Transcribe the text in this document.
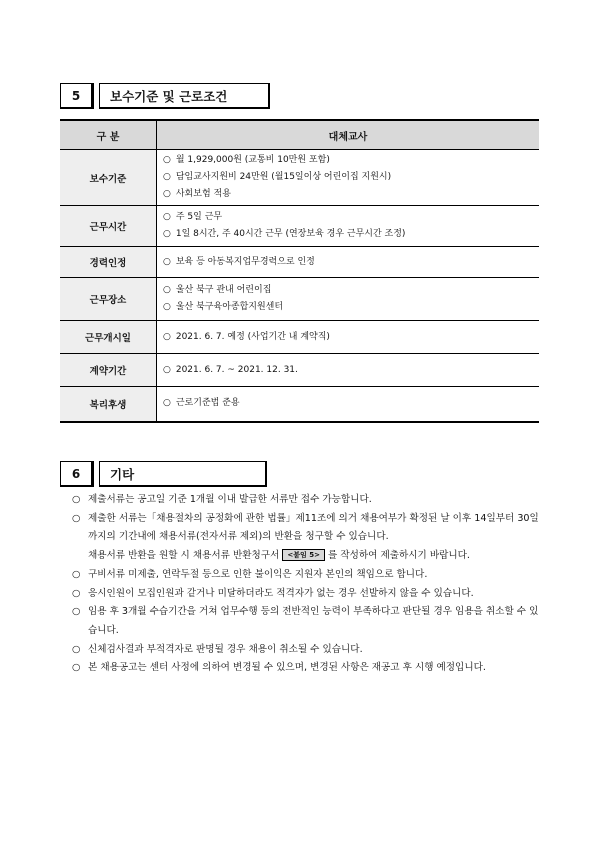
5	보수기준 및 근로조건
구 분	대체교사
보수기준	○ 월 1,929,000원 (교통비 10만원 포함)
○ 담임교사지원비 24만원 (월15일이상 어린이집 지원시)
○ 사회보험 적용

근무시간	○ 주 5일 근무
○ 1일 8시간, 주 40시간 근무 (연장보육 경우 근무시간 조정)

경력인정	○ 보육 등 아동복지업무경력으로 인정

근무장소	○ 울산 북구 관내 어린이집
○ 울산 북구육아종합지원센터

근무개시일	○ 2021. 6. 7. 예정 (사업기간 내 계약직)

계약기간	○ 2021. 6. 7. ~ 2021. 12. 31.

복리후생	○ 근로기준법 준용
6	기타
○ 제출서류는 공고일 기준 1개월 이내 발급한 서류만 접수 가능합니다.
○ 제출한 서류는「채용절차의 공정화에 관한 법률」제11조에 의거 채용여부가 확정된 날 이후 14일부터 30일까지의 기간내에 채용서류(전자서류 제외)의 반환을 청구할 수 있습니다.
채용서류 반환을 원할 시 채용서류 반환청구서 <붙임 5> 를 작성하여 제출하시기 바랍니다.
○ 구비서류 미제출, 연락두절 등으로 인한 불이익은 지원자 본인의 책임으로 합니다.
○ 응시인원이 모집인원과 같거나 미달하더라도 적격자가 없는 경우 선발하지 않을 수 있습니다.
○ 임용 후 3개월 수습기간을 거쳐 업무수행 등의 전반적인 능력이 부족하다고 판단될 경우 임용을 취소할 수 있습니다.
○ 신체검사결과 부적격자로 판명될 경우 채용이 취소될 수 있습니다.
○ 본 채용공고는 센터 사정에 의하여 변경될 수 있으며, 변경된 사항은 재공고 후 시행 예정입니다.
